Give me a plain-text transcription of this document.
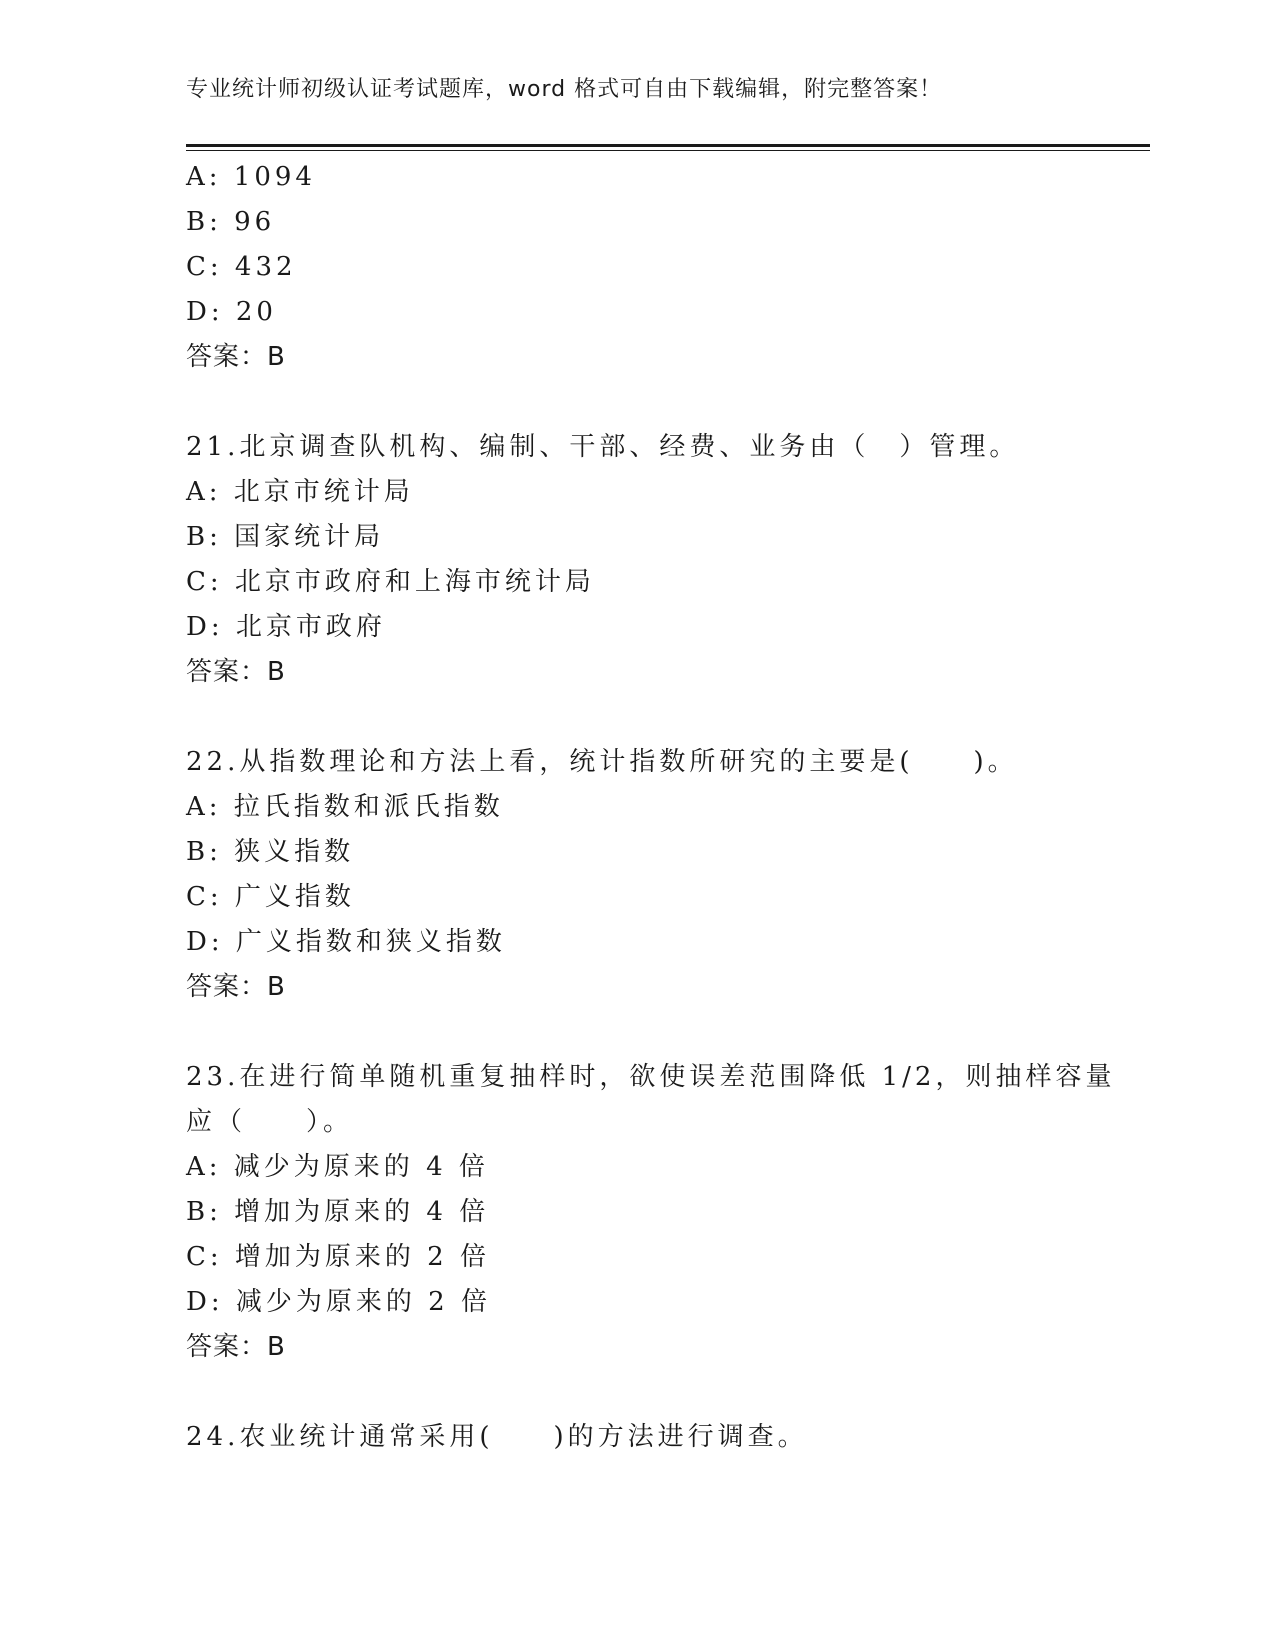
专业统计师初级认证考试题库，word 格式可自由下载编辑，附完整答案！
A: 1094
B: 96
C: 432
D: 20
答案：B
21.北京调查队机构、编制、干部、经费、业务由（　）管理。
A: 北京市统计局
B: 国家统计局
C: 北京市政府和上海市统计局
D: 北京市政府
答案：B
22.从指数理论和方法上看，统计指数所研究的主要是(　　)。
A: 拉氏指数和派氏指数
B: 狭义指数
C: 广义指数
D: 广义指数和狭义指数
答案：B
23.在进行简单随机重复抽样时，欲使误差范围降低 1/2，则抽样容量
应（　　）。
A: 减少为原来的 4 倍
B: 增加为原来的 4 倍
C: 增加为原来的 2 倍
D: 减少为原来的 2 倍
答案：B
24.农业统计通常采用(　　)的方法进行调查。
